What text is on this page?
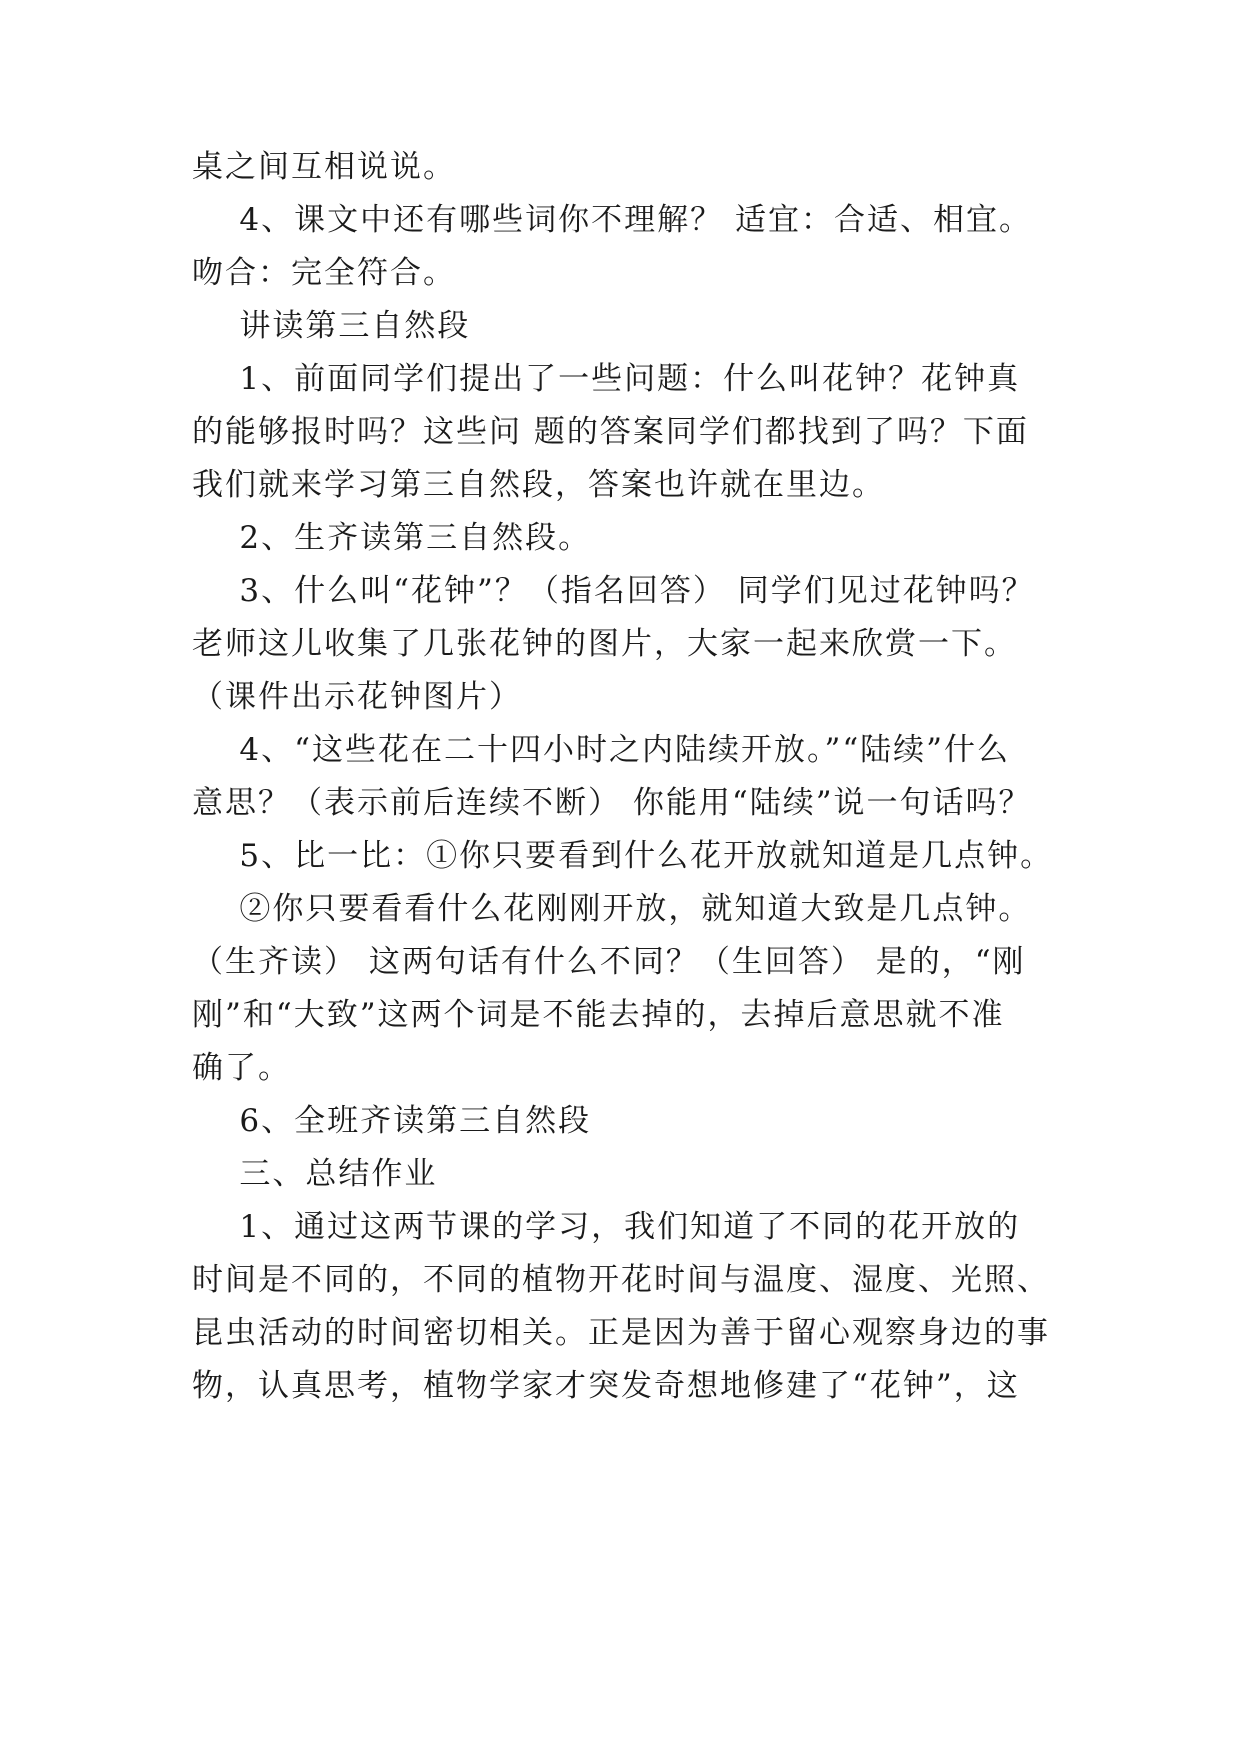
桌之间互相说说。
4、课文中还有哪些词你不理解？ 适宜：合适、相宜。
吻合：完全符合。
讲读第三自然段
1、前面同学们提出了一些问题：什么叫花钟？花钟真
的能够报时吗？这些问 题的答案同学们都找到了吗？下面
我们就来学习第三自然段，答案也许就在里边。
2、生齐读第三自然段。
3、什么叫“花钟”？（指名回答） 同学们见过花钟吗？
老师这儿收集了几张花钟的图片，大家一起来欣赏一下。
（课件出示花钟图片）
4、“这些花在二十四小时之内陆续开放。”“陆续”什么
意思？（表示前后连续不断） 你能用“陆续”说一句话吗？
5、比一比：①你只要看到什么花开放就知道是几点钟。
②你只要看看什么花刚刚开放，就知道大致是几点钟。
（生齐读） 这两句话有什么不同？（生回答） 是的，“刚
刚”和“大致”这两个词是不能去掉的，去掉后意思就不准
确了。
6、全班齐读第三自然段
三、总结作业
1、通过这两节课的学习，我们知道了不同的花开放的
时间是不同的，不同的植物开花时间与温度、湿度、光照、
昆虫活动的时间密切相关。正是因为善于留心观察身边的事
物，认真思考，植物学家才突发奇想地修建了“花钟”，这
